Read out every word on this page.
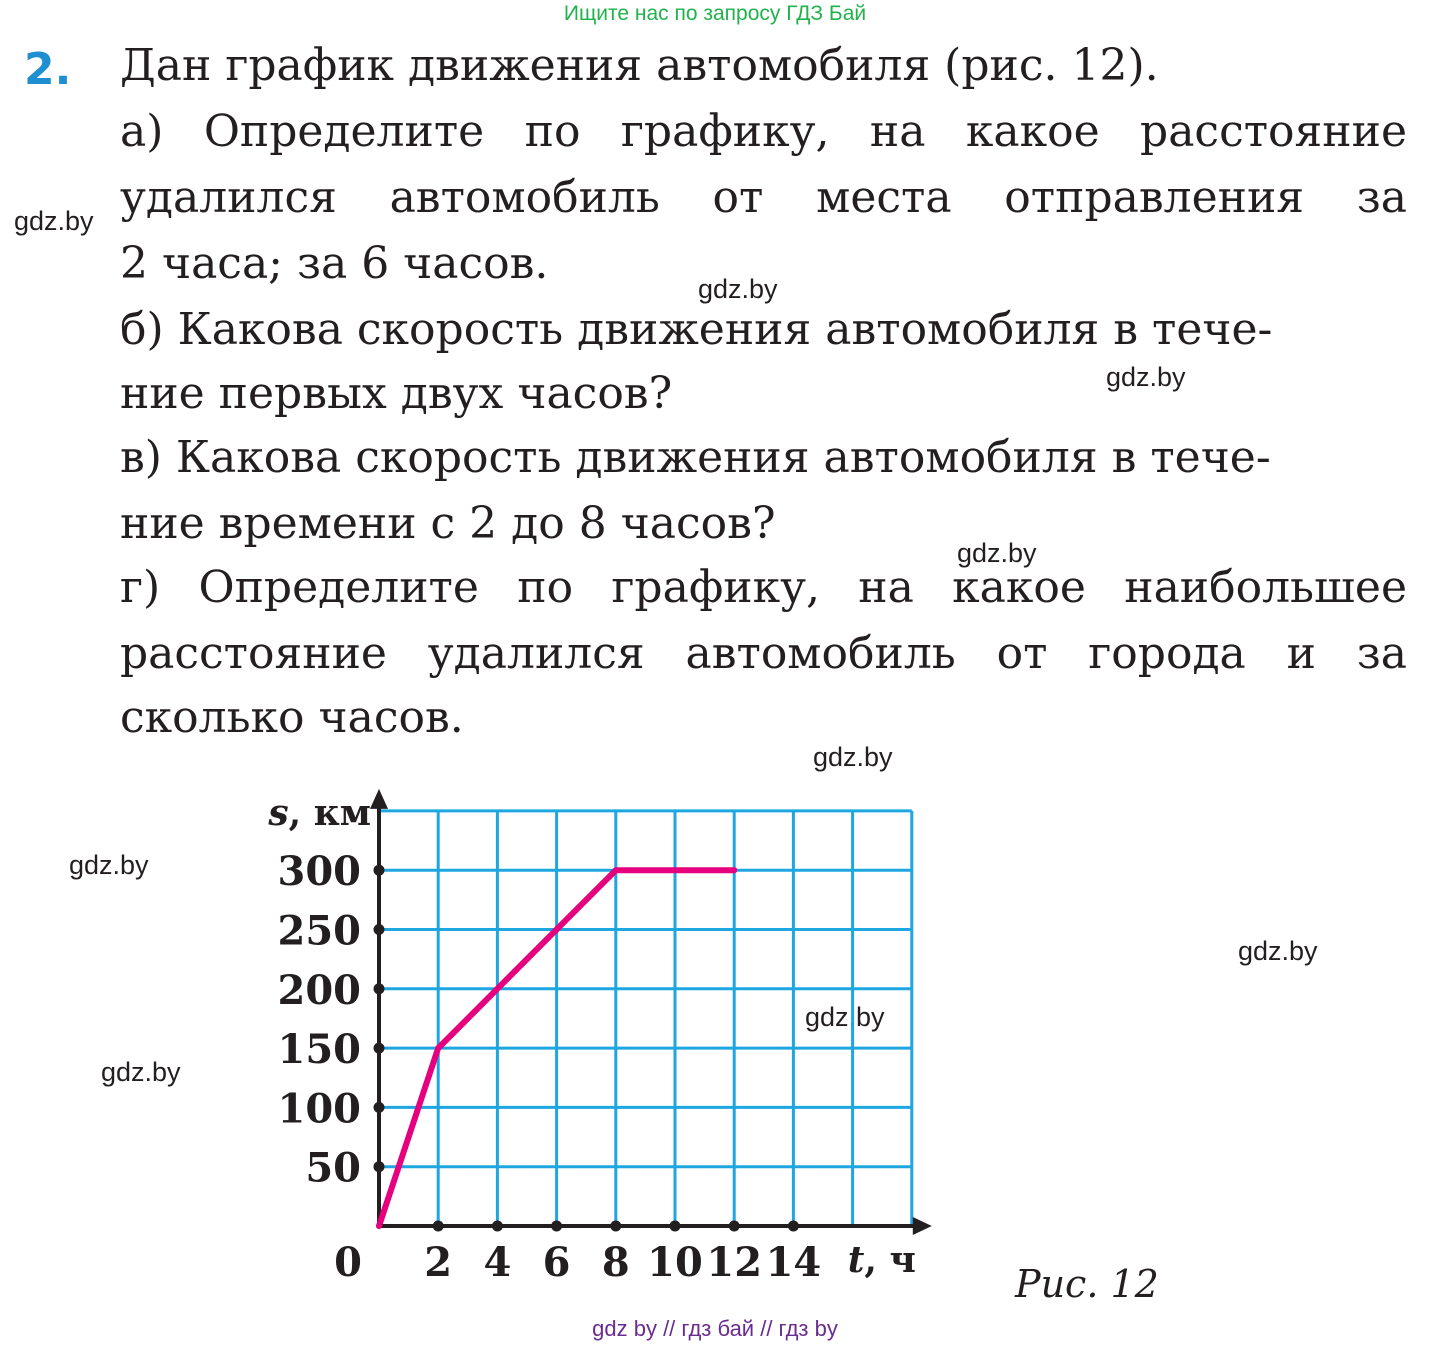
Ищите нас по запросу ГДЗ Бай
2. Дан график движения автомобиля (рис. 12).
а) Определите по графику, на какое расстояние
удалился автомобиль от места отправления за
2 часа; за 6 часов.
б) Какова скорость движения автомобиля в тече-
ние первых двух часов?
в) Какова скорость движения автомобиля в тече-
ние времени с 2 до 8 часов?
г) Определите по графику, на какое наибольшее
расстояние удалился автомобиль от города и за
сколько часов.
gdz.by
gdz.by
gdz.by
gdz.by
gdz.by
gdz.by
gdz.by
gdz.by
gdz.by
50
100
150
200
250
300
2 4 6 8 10 12 14
0
s, км
t, ч
Рис. 12
gdz by // гдз бай // гдз by
